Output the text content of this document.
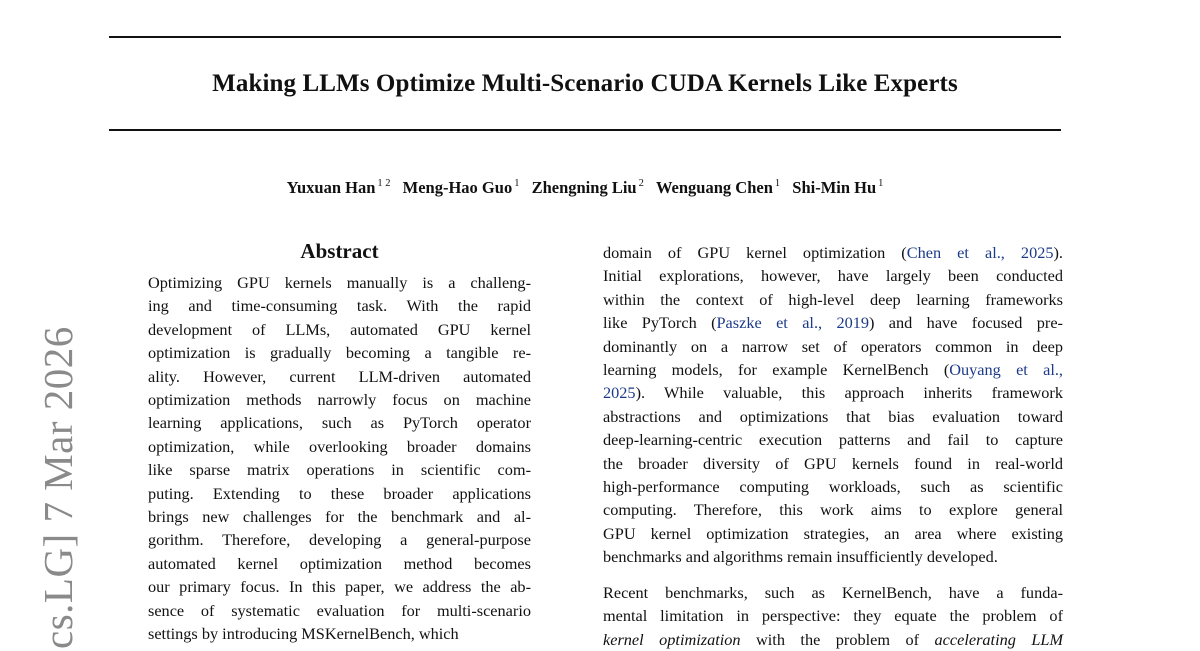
Making LLMs Optimize Multi-Scenario CUDA Kernels Like Experts
Yuxuan Han $^{1 2}$ Meng-Hao Guo $^1$ Zhengning Liu $^2$ Wenguang Chen $^1$ Shi-Min Hu $^1$
cs.LG] 7 Mar 2026
Abstract
Optimizing GPU kernels manually is a challeng-
ing and time-consuming task. With the rapid
development of LLMs, automated GPU kernel
optimization is gradually becoming a tangible re-
ality. However, current LLM-driven automated
optimization methods narrowly focus on machine
learning applications, such as PyTorch operator
optimization, while overlooking broader domains
like sparse matrix operations in scientific com-
puting. Extending to these broader applications
brings new challenges for the benchmark and al-
gorithm. Therefore, developing a general-purpose
automated kernel optimization method becomes
our primary focus. In this paper, we address the ab-
sence of systematic evaluation for multi-scenario
settings by introducing MSKernelBench, which
domain of GPU kernel optimization (Chen et al., 2025).
Initial explorations, however, have largely been conducted
within the context of high-level deep learning frameworks
like PyTorch (Paszke et al., 2019) and have focused pre-
dominantly on a narrow set of operators common in deep
learning models, for example KernelBench (Ouyang et al.,
2025). While valuable, this approach inherits framework
abstractions and optimizations that bias evaluation toward
deep-learning-centric execution patterns and fail to capture
the broader diversity of GPU kernels found in real-world
high-performance computing workloads, such as scientific
computing. Therefore, this work aims to explore general
GPU kernel optimization strategies, an area where existing
benchmarks and algorithms remain insufficiently developed.
Recent benchmarks, such as KernelBench, have a funda-
mental limitation in perspective: they equate the problem of
kernel optimization with the problem of accelerating LLM
